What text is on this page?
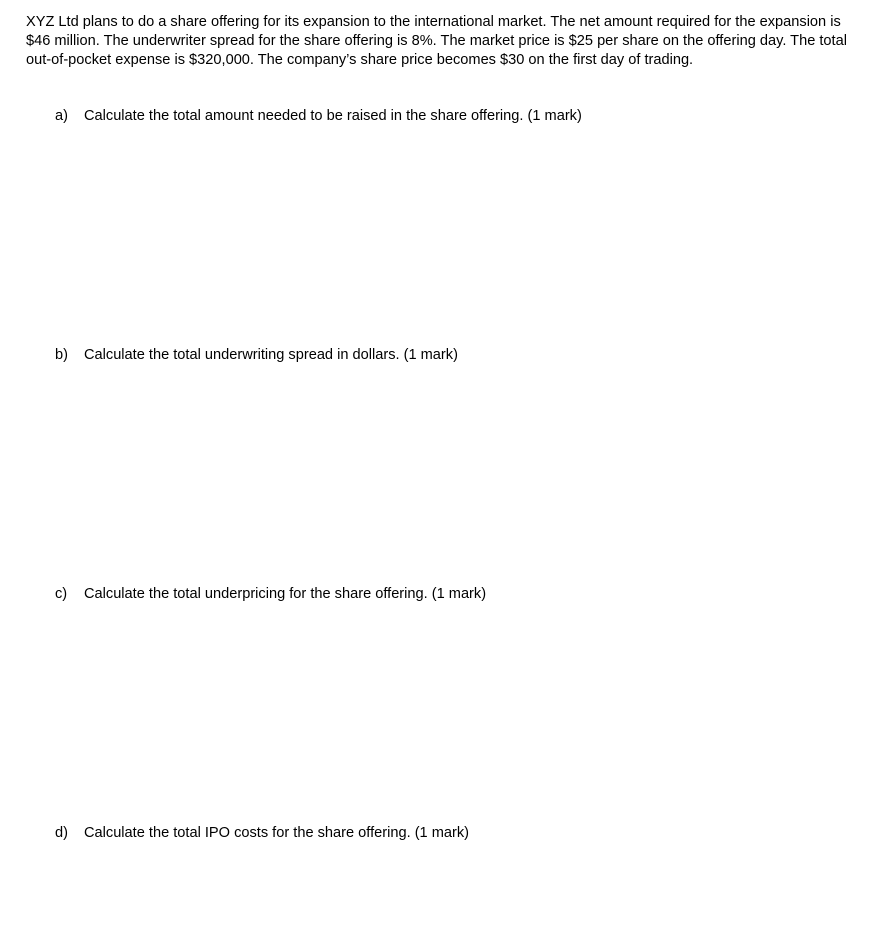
XYZ Ltd plans to do a share offering for its expansion to the international market. The net amount required for the expansion is $46 million. The underwriter spread for the share offering is 8%. The market price is $25 per share on the offering day. The total out-of-pocket expense is $320,000. The company’s share price becomes $30 on the first day of trading.

a) Calculate the total amount needed to be raised in the share offering. (1 mark)
b) Calculate the total underwriting spread in dollars. (1 mark)
c) Calculate the total underpricing for the share offering. (1 mark)
d) Calculate the total IPO costs for the share offering. (1 mark)
